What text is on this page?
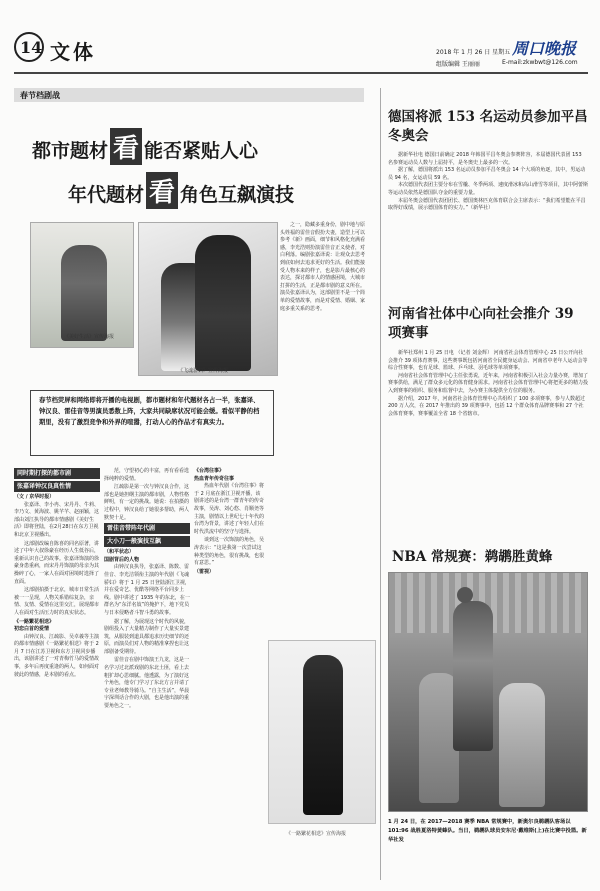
14 文体	2018 年 1 月 26 日 星期五 周口晚报
组版编辑 王丽丽	E-mail:zkwbwt@126.com
春节档剧战
都市题材 看 能否紧贴人心
年代题材 看 角色互飙演技
《美好生活》宣传海报
《飞魂骄妇》宣传海报
春节档荧屏和网络即将开播的电视剧，都市题材和年代题材各占一半，张嘉译、钟汉良、雷佳音等男演员悉数上阵，大家共同缺席状况可能会缓。看似平静的档期里，没有了激烈竞争和外界的喧嚣，打动人心的作品才有真实力。

之一，隐藏多重身份，剧中地与原头姓福的雷佳音假扮夫妻，造型上可以参考《新》画面，细节和风格化充满看感，李光浩则扮演雷佳音正义使者，对白利落。编剧张嘉译说：让观众去思考到底如何去追求更好的生活。我们能接受人物本来的样子，也是影片最核心的表达，探讨都市人的情感困境，大城市打拼的生活，正是都市剧的意义所在。演员张嘉译认为，这部剧里不是一个简单的爱情故事，而是对爱情、婚姻、家庭多重关系的思考。

同时期打探的都市剧
张嘉译钟汉良真性情
（文 / 京华时报）

张嘉译、李小冉、宋丹丹、牛莉、李乃文、黄海波、姚芊芊、赵丽颖，这部由刘江执导的都市情感剧《美好生活》即将登陆，在2月28日在东方卫视和北京卫视播出。

这部剧改编自陈喜的同名原著，讲述了中年大叔徐豪在经历人生低谷后，重新认识自己的故事。张嘉译饰演的徐豪身患重病，而宋丹丹饰演的母亲为其操碎了心，一家人在面对困境时选择了直面。

这部剧拍摄于北京，城市日常生活被一一呈现，人物关系错综复杂，亲情、友情、爱情在这里交汇，展现都市人在面对生活压力时的真实状态。

《一路繁花相送》
初恋白首的爱情

由钟汉良、江疏影、吴卓羲等主演的都市情感剧《一路繁花相送》将于 2 月 7 日在江苏卫视和东方卫视同步播出，该剧讲述了一对青梅竹马的爱情故事，多年后再度重逢的两人，如何面对彼此的情感，是本剧的看点。

范，守望初心的丰富，再有看看选择纯粹的爱情。

江疏影是第一次与钟汉良合作，这部也是她担纲主演的都市剧，人物性格鲜明，有一定的挑战。她说：在拍摄的过程中，钟汉良给了她很多帮助，两人默契十足。

雷佳音带阵年代剧
大小刀一般演技互飙
（和平状态）
国剧背后的人物

由钟汉良执导，张嘉译、陈数、雷佳音、李光洁领衔主演的年代剧《飞魂骄妇》将于 1 月 25 日登陆浙江卫视，并在爱奇艺、优酷等网络平台同步上线。剧中讲述了 1935 年的东北，在一群名为“东洋名妓”的掩护下，地下党员与日本侵略者斗智斗勇的故事。

据了解，为展现这个时代的风貌，剧组投入了大量精力制作了大量实景建筑，从服装到道具都追求历史细节的还原，而演员们对人物的精准拿捏也让这部剧备受期待。

雷佳音在剧中饰演王九龙，这是一名学习过北派戏剧的东北土匪，看上去粗犷却心思细腻。他透露，为了演好这个角色，他专门学习了东北方言并请了专业老师教导骑马。“自主生活”，华晨宇深圳话合作的大剧，也是他出演的重要角色之一。

《台湾往事》
热血青年传奇往事

热血年代剧《台湾往事》将于 2 月底在浙江卫视开播，该剧讲述的是台湾一群青年的传奇故事，吴涛、刘心悠、肖顺尧等主演，剧情以上世纪七十年代的台湾为背景，讲述了年轻人们在时代洪流中的坚守与选择。

谈到这一次饰演的角色，吴涛表示：“这是我第一次尝试这种类型的角色，很有挑战，也很有意思。”

（雷视）
《一路繁花相送》宣传海报
德国将派 153 名运动员参加平昌冬奥会

据新华社电 德国日前确定 2018 年韩国平昌冬奥会参赛阵容，本届德国代表团 153 名参赛运动员人数与上届持平，是冬奥史上最多的一次。

据了解，德国将派出 153 名运动员参加平昌冬奥会 14 个大项的角逐，其中，男运动员 94 名，女运动员 59 名。

本次德国代表团主要分布在雪橇、冬季两项、速度滑冰和高山滑雪等项目，其中阿蕾斯等运动员依然是德国队夺金的重要力量。

本届冬奥会德国代表团团长、德国奥林匹克体育联合会主席表示：“我们希望能在平昌取得好成绩，展示德国体育的实力。”（新华社）

河南省社体中心向社会推介 39 项赛事

新华社郑州 1 月 25 日电 （记者 刘金辉） 河南省社会体育管理中心 25 日公开向社会推介 39 项体育赛事，这些赛事既包括河南省全民健身运动会、河南省中老年人运动会等综合性赛事，也有足球、篮球、乒乓球、羽毛球等单项赛事。

河南省社会体育管理中心主任张勇说，近年来，河南省积极引入社会力量办赛，增加了赛事供给，满足了群众多元化的体育健身需求。河南省社会体育管理中心将把更多的精力投入到赛事的组织、服务和监督中去，为办赛主体提供全方位的服务。

据介绍，2017 年，河南省社会体育管理中心共组织了 100 多项赛事，参与人数超过 200 万人次，在 2017 年推出的 39 项赛事中，包括 12 个群众体育品牌赛事和 27 个社会体育赛事，赛事覆盖全省 18 个省辖市。

NBA 常规赛：鹈鹕胜黄蜂
1 月 24 日，在 2017—2018 赛季 NBA 常规赛中，新奥尔良鹈鹕队客场以 101:96 战胜夏洛特黄蜂队。当日，鹈鹕队球员安东尼·戴维斯(上)在比赛中投篮。新华社发
